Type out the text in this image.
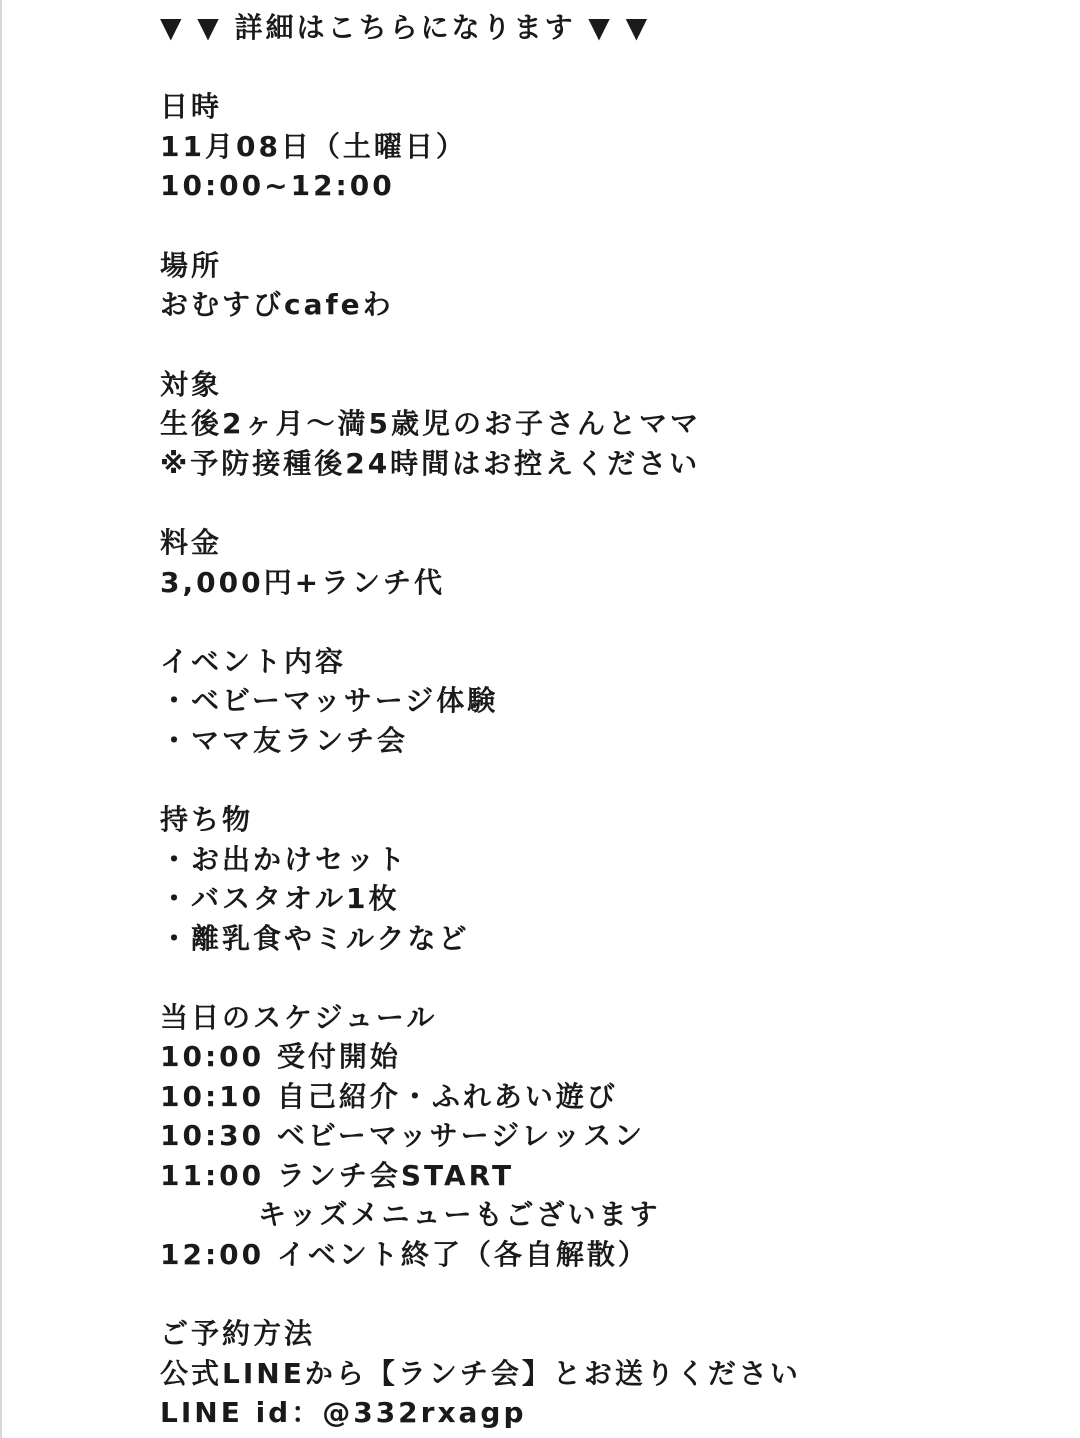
▼ ▼ 詳細はこちらになります ▼ ▼
日時
11月08日（土曜日）
10:00~12:00
場所
おむすびcafeわ
対象
生後2ヶ月〜満5歳児のお子さんとママ
※予防接種後24時間はお控えください
料金
3,000円+ランチ代
イベント内容
・ベビーマッサージ体験
・ママ友ランチ会
持ち物
・お出かけセット
・バスタオル1枚
・離乳食やミルクなど
当日のスケジュール
10:00 受付開始
10:10 自己紹介・ふれあい遊び
10:30 ベビーマッサージレッスン
11:00 ランチ会START
キッズメニューもございます
12:00 イベント終了（各自解散）
ご予約方法
公式LINEから【ランチ会】とお送りください
LINE id：@332rxagp
